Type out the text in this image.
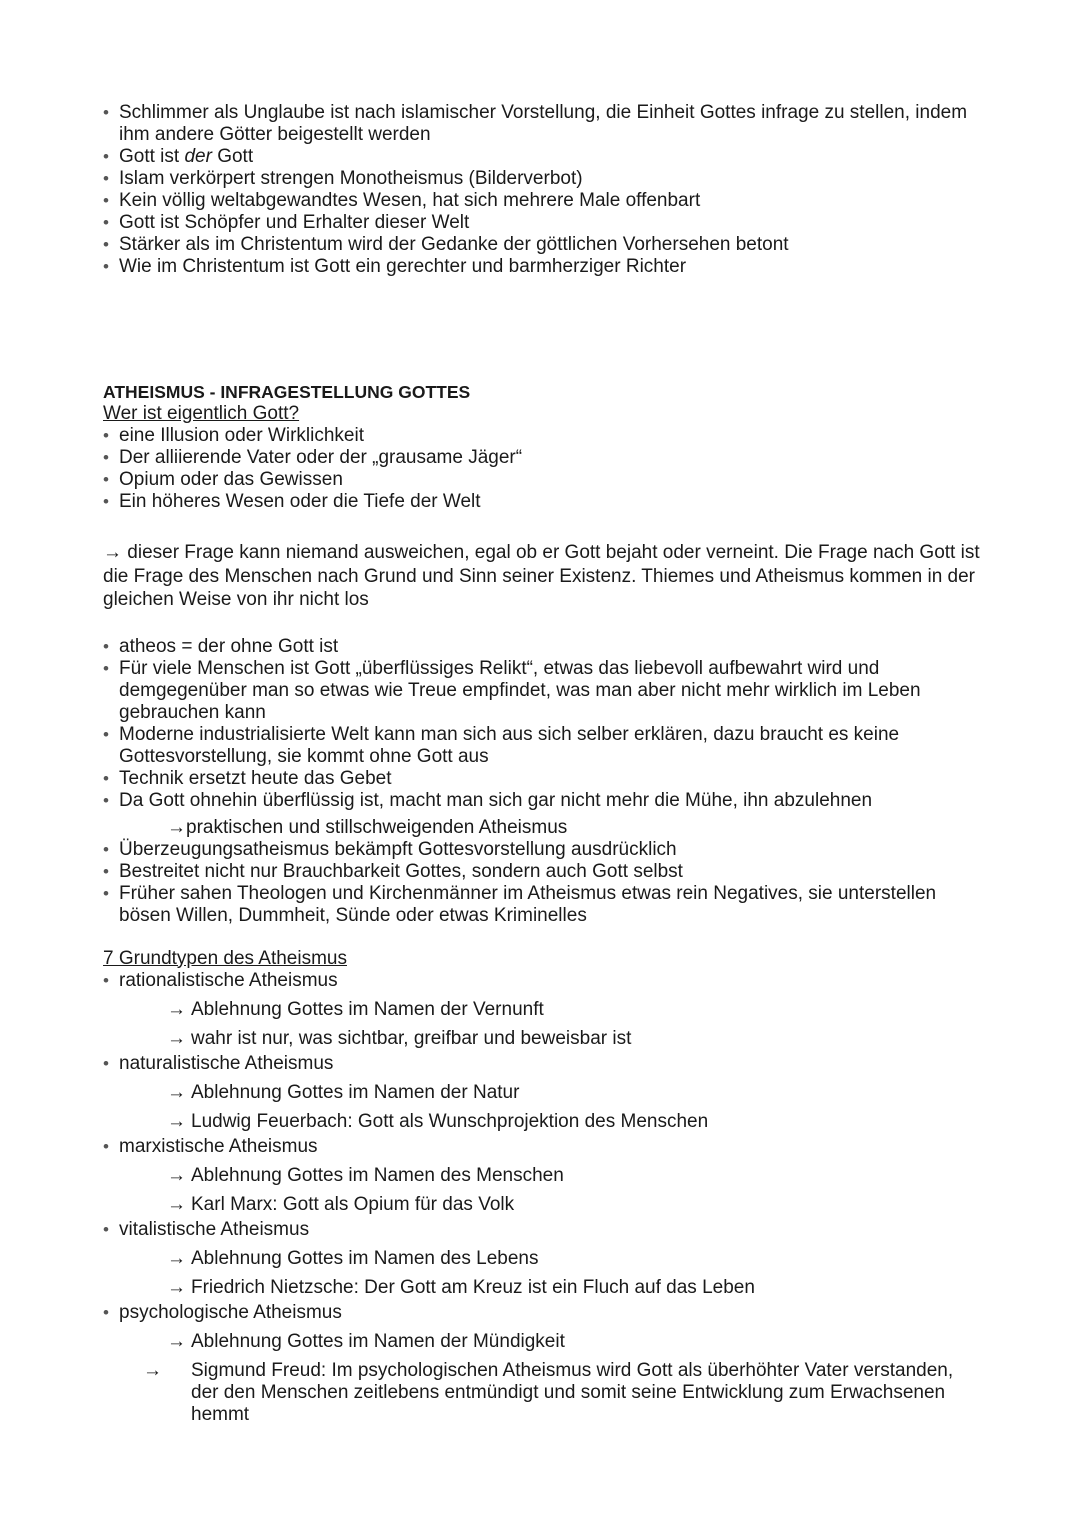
• Schlimmer als Unglaube ist nach islamischer Vorstellung, die Einheit Gottes infrage zu stellen, indem ihm andere Götter beigestellt werden
• Gott ist der Gott
• Islam verkörpert strengen Monotheismus (Bilderverbot)
• Kein völlig weltabgewandtes Wesen, hat sich mehrere Male offenbart
• Gott ist Schöpfer und Erhalter dieser Welt
• Stärker als im Christentum wird der Gedanke der göttlichen Vorhersehen betont
• Wie im Christentum ist Gott ein gerechter und barmherziger Richter
ATHEISMUS - INFRAGESTELLUNG GOTTES

Wer ist eigentlich Gott?

• eine Illusion oder Wirklichkeit
• Der alliierende Vater oder der „grausame Jäger“
• Opium oder das Gewissen
• Ein höheres Wesen oder die Tiefe der Welt

→ dieser Frage kann niemand ausweichen, egal ob er Gott bejaht oder verneint. Die Frage nach Gott ist die Frage des Menschen nach Grund und Sinn seiner Existenz. Thiemes und Atheismus kommen in der gleichen Weise von ihr nicht los

• atheos = der ohne Gott ist
• Für viele Menschen ist Gott „überflüssiges Relikt“, etwas das liebevoll aufbewahrt wird und demgegenüber man so etwas wie Treue empfindet, was man aber nicht mehr wirklich im Leben gebrauchen kann
• Moderne industrialisierte Welt kann man sich aus sich selber erklären, dazu braucht es keine Gottesvorstellung, sie kommt ohne Gott aus
• Technik ersetzt heute das Gebet
• Da Gott ohnehin überflüssig ist, macht man sich gar nicht mehr die Mühe, ihn abzulehnen
→praktischen und stillschweigenden Atheismus
• Überzeugungsatheismus bekämpft Gottesvorstellung ausdrücklich
• Bestreitet nicht nur Brauchbarkeit Gottes, sondern auch Gott selbst
• Früher sahen Theologen und Kirchenmänner im Atheismus etwas rein Negatives, sie unterstellen bösen Willen, Dummheit, Sünde oder etwas Kriminelles

7 Grundtypen des Atheismus

• rationalistische Atheismus
→ Ablehnung Gottes im Namen der Vernunft
→ wahr ist nur, was sichtbar, greifbar und beweisbar ist
• naturalistische Atheismus
→ Ablehnung Gottes im Namen der Natur
→ Ludwig Feuerbach: Gott als Wunschprojektion des Menschen
• marxistische Atheismus
→ Ablehnung Gottes im Namen des Menschen
→ Karl Marx: Gott als Opium für das Volk
• vitalistische Atheismus
→ Ablehnung Gottes im Namen des Lebens
→ Friedrich Nietzsche: Der Gott am Kreuz ist ein Fluch auf das Leben
• psychologische Atheismus
→ Ablehnung Gottes im Namen der Mündigkeit
→ Sigmund Freud: Im psychologischen Atheismus wird Gott als überhöhter Vater verstanden, der den Menschen zeitlebens entmündigt und somit seine Entwicklung zum Erwachsenen hemmt
